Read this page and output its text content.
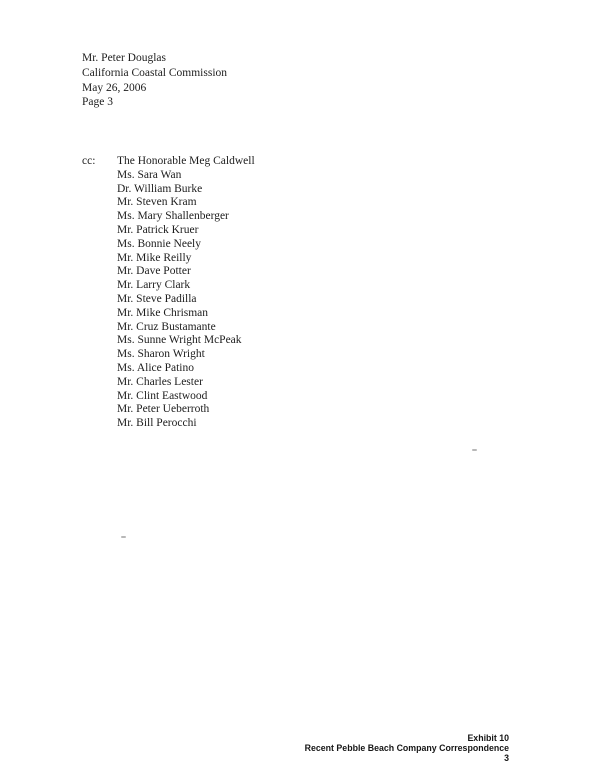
Mr. Peter Douglas
California Coastal Commission
May 26, 2006
Page 3
cc:	The Honorable Meg Caldwell
Ms. Sara Wan
Dr. William Burke
Mr. Steven Kram
Ms. Mary Shallenberger
Mr. Patrick Kruer
Ms. Bonnie Neely
Mr. Mike Reilly
Mr. Dave Potter
Mr. Larry Clark
Mr. Steve Padilla
Mr. Mike Chrisman
Mr. Cruz Bustamante
Ms. Sunne Wright McPeak
Ms. Sharon Wright
Ms. Alice Patino
Mr. Charles Lester
Mr. Clint Eastwood
Mr. Peter Ueberroth
Mr. Bill Perocchi
Exhibit 10
Recent Pebble Beach Company Correspondence
3
